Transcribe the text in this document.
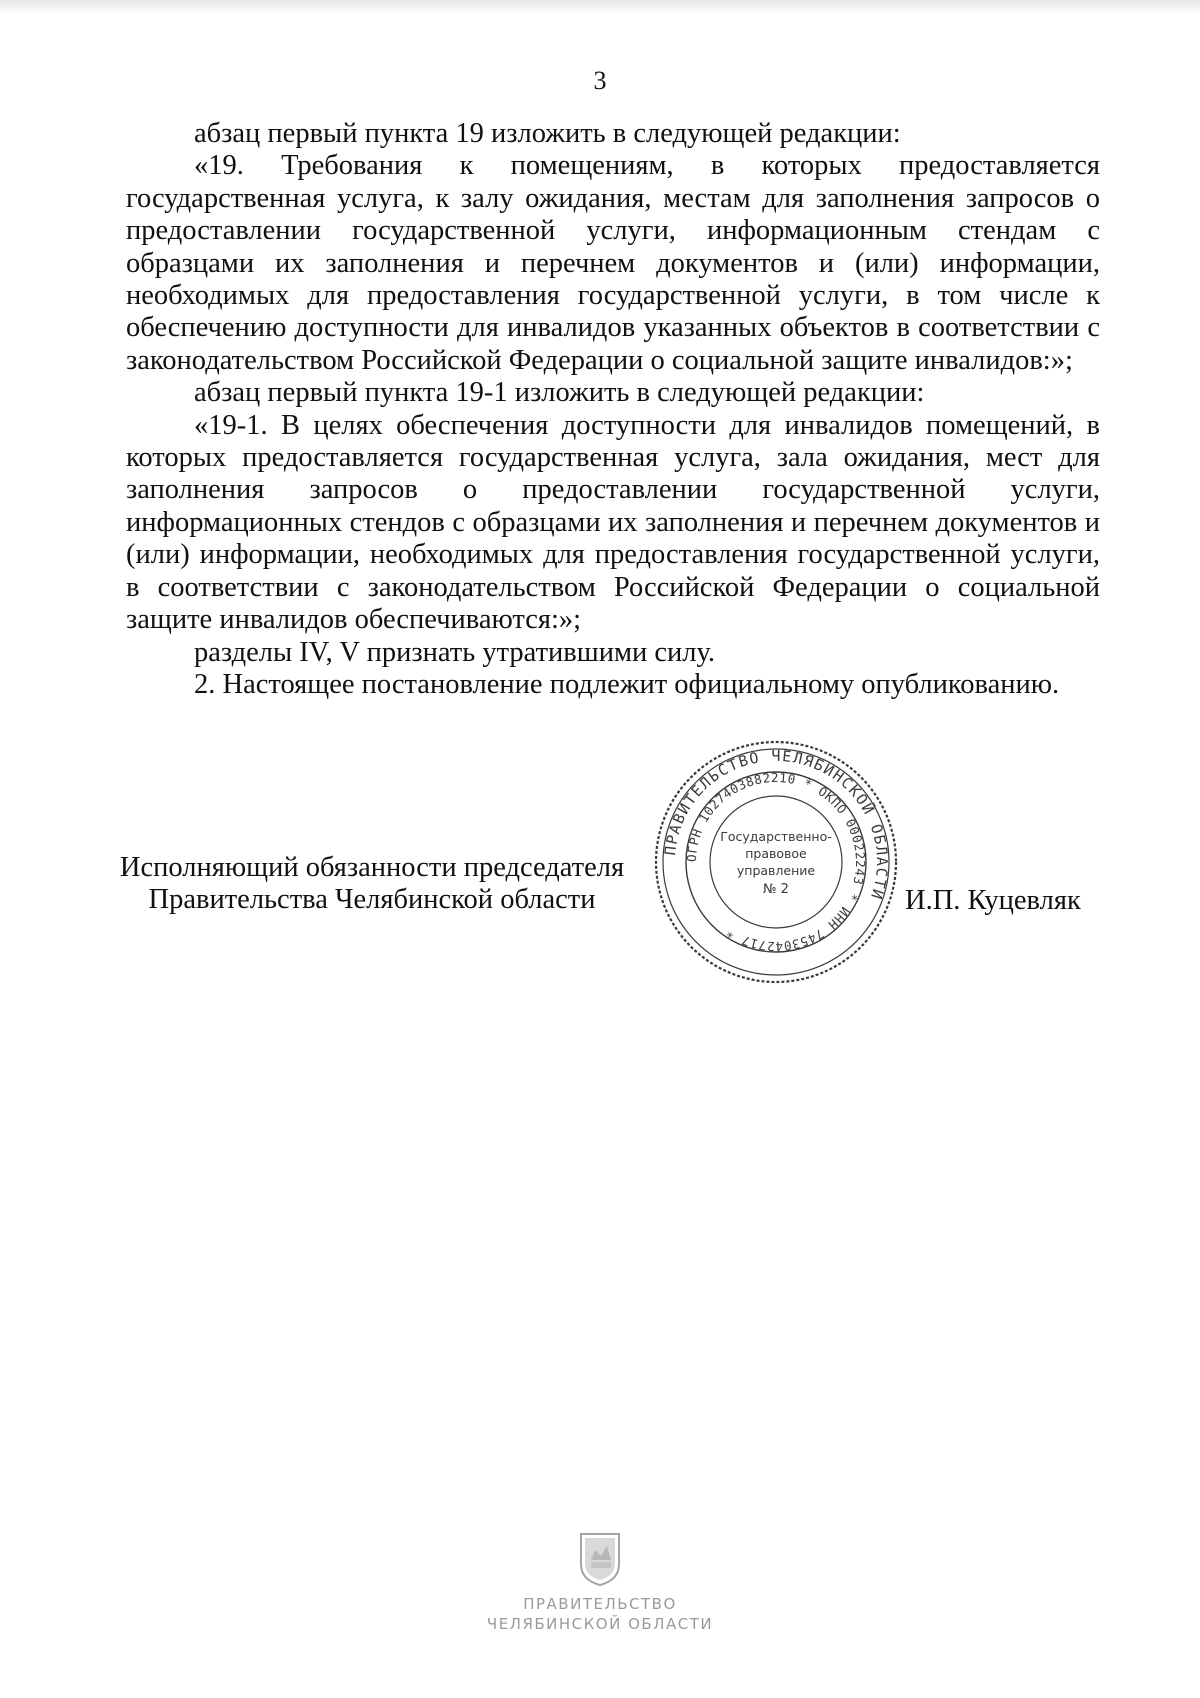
3

абзац первый пункта 19 изложить в следующей редакции:

«19. Требования к помещениям, в которых предоставляется государственная услуга, к залу ожидания, местам для заполнения запросов о предоставлении государственной услуги, информационным стендам с образцами их заполнения и перечнем документов и (или) информации, необходимых для предоставления государственной услуги, в том числе к обеспечению доступности для инвалидов указанных объектов в соответствии с законодательством Российской Федерации о социальной защите инвалидов:»;

абзац первый пункта 19-1 изложить в следующей редакции:

«19-1. В целях обеспечения доступности для инвалидов помещений, в которых предоставляется государственная услуга, зала ожидания, мест для заполнения запросов о предоставлении государственной услуги, информационных стендов с образцами их заполнения и перечнем документов и (или) информации, необходимых для предоставления государственной услуги, в соответствии с законодательством Российской Федерации о социальной защите инвалидов обеспечиваются:»;

разделы IV, V признать утратившими силу.

2. Настоящее постановление подлежит официальному опубликованию.

Исполняющий обязанности председателя
Правительства Челябинской области	И.П. Куцевляк
ПРАВИТЕЛЬСТВО ЧЕЛЯБИНСКОЙ ОБЛАСТИ
ОГРН 1027403882210 * ОКПО 00022243 * ИНН 7453042717 *
Государственно-
правовое
управление
№ 2
ПРАВИТЕЛЬСТВО
ЧЕЛЯБИНСКОЙ ОБЛАСТИ
